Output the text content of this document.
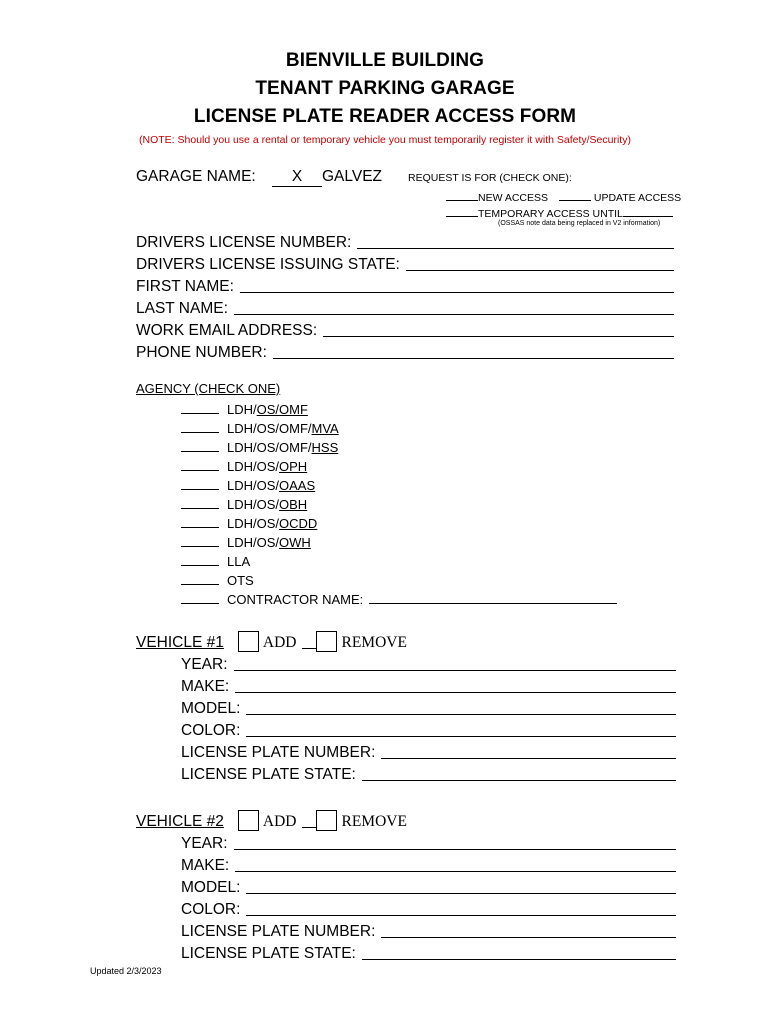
BIENVILLE BUILDING
TENANT PARKING GARAGE
LICENSE PLATE READER ACCESS FORM
(NOTE: Should you use a rental or temporary vehicle you must temporarily register it with Safety/Security)
GARAGE NAME:	X GALVEZ REQUEST IS FOR (CHECK ONE):
NEW ACCESS	UPDATE ACCESS
TEMPORARY ACCESS UNTIL
(OSSAS note data being replaced in V2 information)
DRIVERS LICENSE NUMBER:
DRIVERS LICENSE ISSUING STATE:
FIRST NAME:
LAST NAME:
WORK EMAIL ADDRESS:
PHONE NUMBER:
AGENCY (CHECK ONE)
LDH/OS/OMF
LDH/OS/OMF/MVA
LDH/OS/OMF/HSS
LDH/OS/OPH
LDH/OS/OAAS
LDH/OS/OBH
LDH/OS/OCDD
LDH/OS/OWH
LLA
OTS
CONTRACTOR NAME:
VEHICLE #1	ADD	REMOVE
YEAR:
MAKE:
MODEL:
COLOR:
LICENSE PLATE NUMBER:
LICENSE PLATE STATE:
VEHICLE #2	ADD	REMOVE
YEAR:
MAKE:
MODEL:
COLOR:
LICENSE PLATE NUMBER:
LICENSE PLATE STATE:
Updated 2/3/2023
